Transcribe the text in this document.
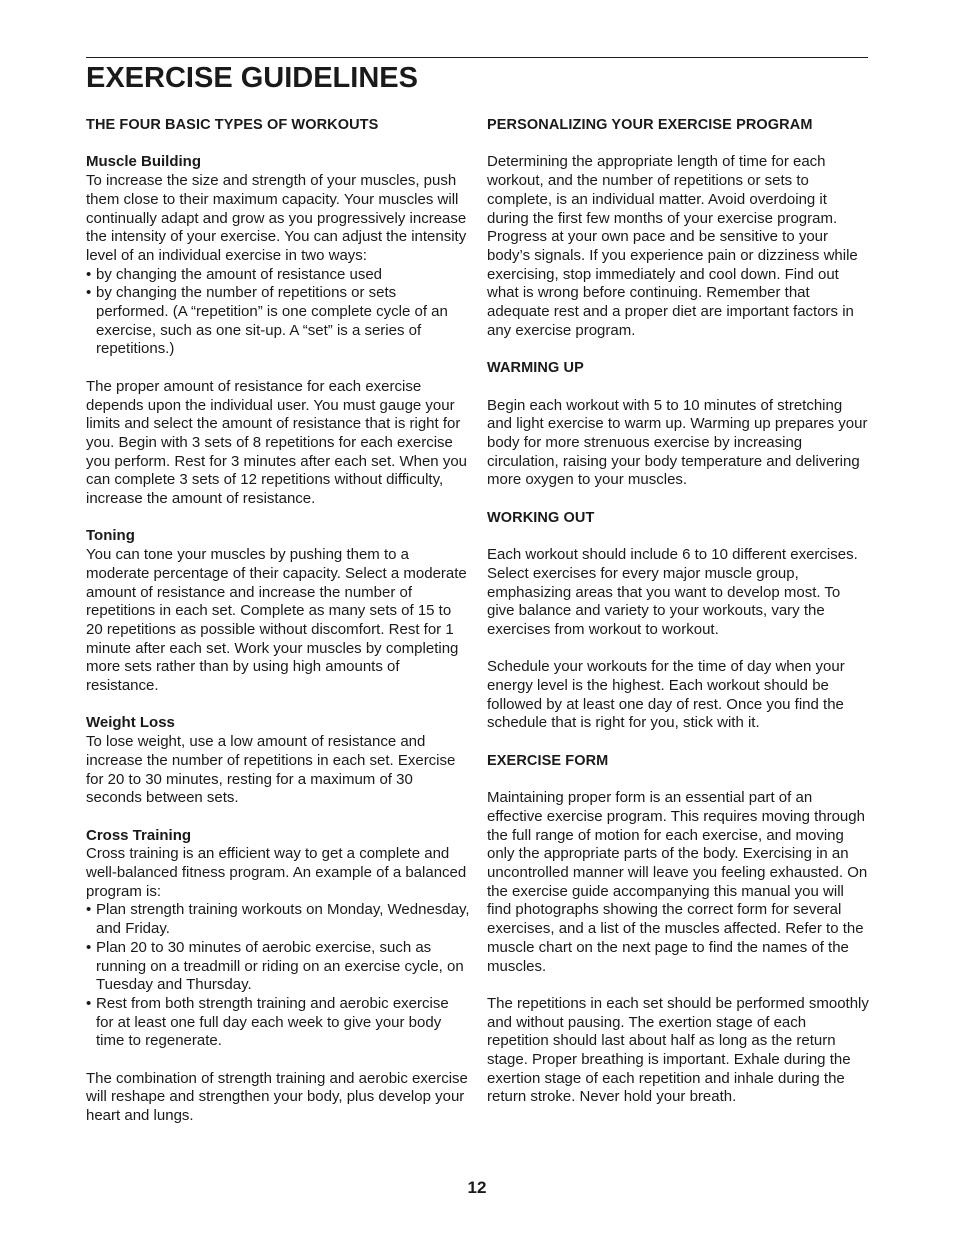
EXERCISE GUIDELINES

THE FOUR BASIC TYPES OF WORKOUTS

Muscle Building

To increase the size and strength of your muscles, push them close to their maximum capacity. Your muscles will continually adapt and grow as you progressively increase the intensity of your exercise. You can adjust the intensity level of an individual exercise in two ways:

• by changing the amount of resistance used
• by changing the number of repetitions or sets performed. (A “repetition” is one complete cycle of an exercise, such as one sit-up. A “set” is a series of repetitions.)

The proper amount of resistance for each exercise depends upon the individual user. You must gauge your limits and select the amount of resistance that is right for you. Begin with 3 sets of 8 repetitions for each exercise you perform. Rest for 3 minutes after each set. When you can complete 3 sets of 12 repetitions without difficulty, increase the amount of resistance.

Toning

You can tone your muscles by pushing them to a moderate percentage of their capacity. Select a moderate amount of resistance and increase the number of repetitions in each set. Complete as many sets of 15 to 20 repetitions as possible without discomfort. Rest for 1 minute after each set. Work your muscles by completing more sets rather than by using high amounts of resistance.

Weight Loss

To lose weight, use a low amount of resistance and increase the number of repetitions in each set. Exercise for 20 to 30 minutes, resting for a maximum of 30 seconds between sets.

Cross Training

Cross training is an efficient way to get a complete and well-balanced fitness program. An example of a balanced program is:

• Plan strength training workouts on Monday, Wednesday, and Friday.
• Plan 20 to 30 minutes of aerobic exercise, such as running on a treadmill or riding on an exercise cycle, on Tuesday and Thursday.
• Rest from both strength training and aerobic exercise for at least one full day each week to give your body time to regenerate.

The combination of strength training and aerobic exercise will reshape and strengthen your body, plus develop your heart and lungs.

PERSONALIZING YOUR EXERCISE PROGRAM

Determining the appropriate length of time for each workout, and the number of repetitions or sets to complete, is an individual matter. Avoid overdoing it during the first few months of your exercise program. Progress at your own pace and be sensitive to your body’s signals. If you experience pain or dizziness while exercising, stop immediately and cool down. Find out what is wrong before continuing. Remember that adequate rest and a proper diet are important factors in any exercise program.

WARMING UP

Begin each workout with 5 to 10 minutes of stretching and light exercise to warm up. Warming up prepares your body for more strenuous exercise by increasing circulation, raising your body temperature and delivering more oxygen to your muscles.

WORKING OUT

Each workout should include 6 to 10 different exercises. Select exercises for every major muscle group, emphasizing areas that you want to develop most. To give balance and variety to your workouts, vary the exercises from workout to workout.

Schedule your workouts for the time of day when your energy level is the highest. Each workout should be followed by at least one day of rest. Once you find the schedule that is right for you, stick with it.

EXERCISE FORM

Maintaining proper form is an essential part of an effective exercise program. This requires moving through the full range of motion for each exercise, and moving only the appropriate parts of the body. Exercising in an uncontrolled manner will leave you feeling exhausted. On the exercise guide accompanying this manual you will find photographs showing the correct form for several exercises, and a list of the muscles affected. Refer to the muscle chart on the next page to find the names of the muscles.

The repetitions in each set should be performed smoothly and without pausing. The exertion stage of each repetition should last about half as long as the return stage. Proper breathing is important. Exhale during the exertion stage of each repetition and inhale during the return stroke. Never hold your breath.

12
